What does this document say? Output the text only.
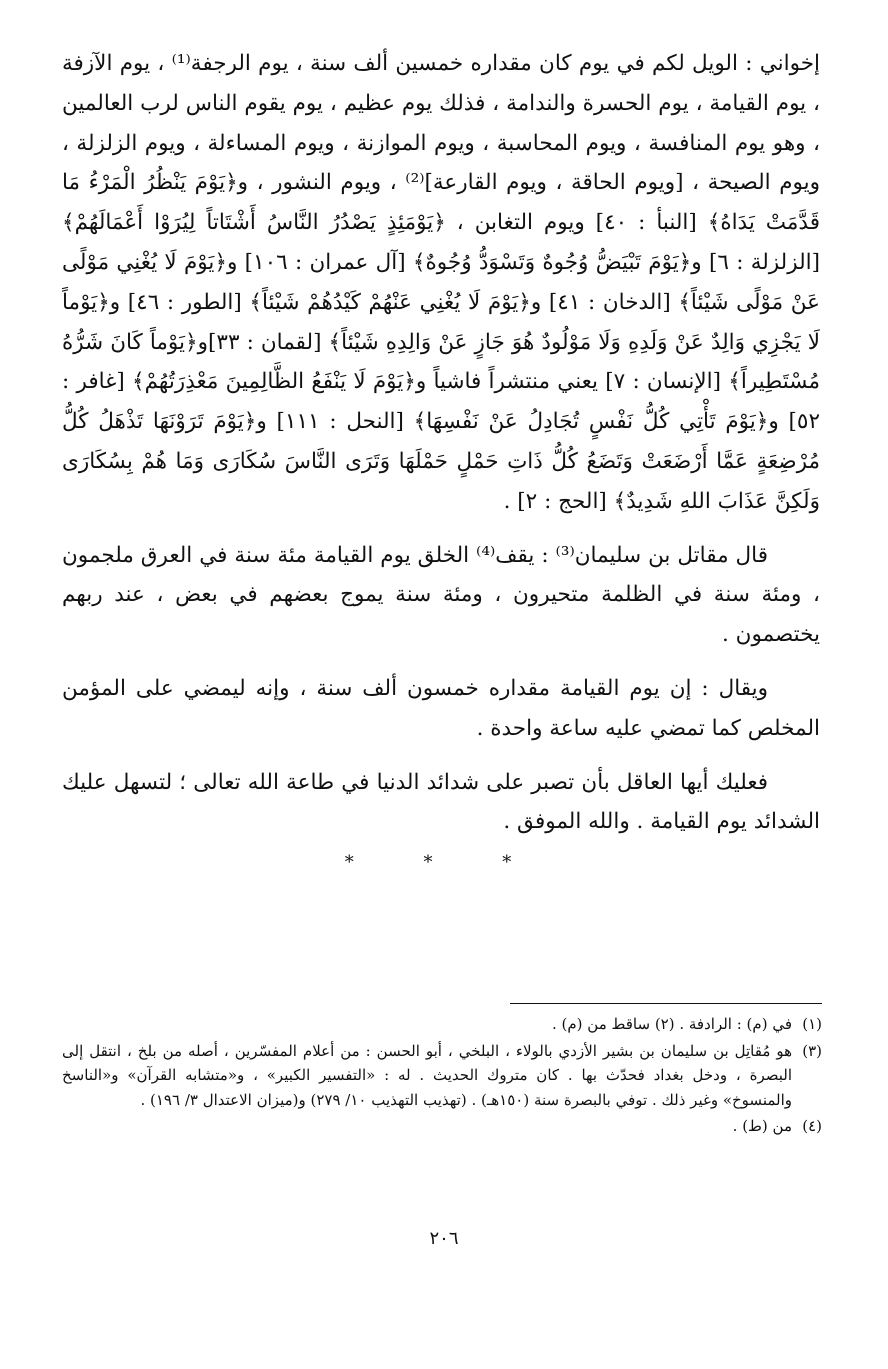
إخواني : الويل لكم في يوم كان مقداره خمسين ألف سنة ، يوم الرجفة⁽¹⁾ ، يوم الآزفة ، يوم القيامة ، يوم الحسرة والندامة ، فذلك يوم عظيم ، يوم يقوم الناس لرب العالمين ، وهو يوم المنافسة ، ويوم المحاسبة ، ويوم الموازنة ، ويوم المساءلة ، ويوم الزلزلة ، ويوم الصيحة ، [ويوم الحاقة ، ويوم القارعة]⁽²⁾ ، ويوم النشور ، و﴿يَوْمَ يَنْظُرُ الْمَرْءُ مَا قَدَّمَتْ يَدَاهُ﴾ [النبأ : ٤٠] ويوم التغابن ، ﴿يَوْمَئِذٍ يَصْدُرُ النَّاسُ أَشْتَاتاً لِيُرَوْا أَعْمَالَهُمْ﴾ [الزلزلة : ٦] و﴿يَوْمَ تَبْيَضُّ وُجُوهٌ وَتَسْوَدُّ وُجُوهٌ﴾ [آل عمران : ١٠٦] و﴿يَوْمَ لَا يُغْنِي مَوْلًى عَنْ مَوْلًى شَيْئاً﴾ [الدخان : ٤١] و﴿يَوْمَ لَا يُغْنِي عَنْهُمْ كَيْدُهُمْ شَيْئاً﴾ [الطور : ٤٦] و﴿يَوْماً لَا يَجْزِي وَالِدٌ عَنْ وَلَدِهِ وَلَا مَوْلُودٌ هُوَ جَازٍ عَنْ وَالِدِهِ شَيْئاً﴾ [لقمان : ٣٣]و﴿يَوْماً كَانَ شَرُّهُ مُسْتَطِيراً﴾ [الإنسان : ٧] يعني منتشراً فاشياً و﴿يَوْمَ لَا يَنْفَعُ الظَّالِمِينَ مَعْذِرَتُهُمْ﴾ [غافر : ٥٢] و﴿يَوْمَ تَأْتِي كُلُّ نَفْسٍ تُجَادِلُ عَنْ نَفْسِهَا﴾ [النحل : ١١١] و﴿يَوْمَ تَرَوْنَهَا تَذْهَلُ كُلُّ مُرْضِعَةٍ عَمَّا أَرْضَعَتْ وَتَضَعُ كُلُّ ذَاتِ حَمْلٍ حَمْلَهَا وَتَرَى النَّاسَ سُكَارَى وَمَا هُمْ بِسُكَارَى وَلَكِنَّ عَذَابَ اللهِ شَدِيدٌ﴾ [الحج : ٢] .

قال مقاتل بن سليمان⁽³⁾ : يقف⁽⁴⁾ الخلق يوم القيامة مئة سنة في العرق ملجمون ، ومئة سنة في الظلمة متحيرون ، ومئة سنة يموج بعضهم في بعض ، عند ربهم يختصمون .

ويقال : إن يوم القيامة مقداره خمسون ألف سنة ، وإنه ليمضي على المؤمن المخلص كما تمضي عليه ساعة واحدة .

فعليك أيها العاقل بأن تصبر على شدائد الدنيا في طاعة الله تعالى ؛ لتسهل عليك الشدائد يوم القيامة . والله الموفق .

* * *
(١)
في (م) : الرادفة . (٢) ساقط من (م) .
(٣)
هو مُقاتِل بن سليمان بن بشير الأزدي بالولاء ، البلخي ، أبو الحسن : من أعلام المفسّرين ، أصله من بلخ ، انتقل إلى البصرة ، ودخل بغداد فحدّث بها . كان متروك الحديث . له : «التفسير الكبير» ، و«متشابه القرآن» و«الناسخ والمنسوخ» وغير ذلك . توفي بالبصرة سنة (١٥٠هـ) . (تهذيب التهذيب ١٠/ ٢٧٩) و(ميزان الاعتدال ٣/ ١٩٦) .
(٤)
من (ط) .
٢٠٦
